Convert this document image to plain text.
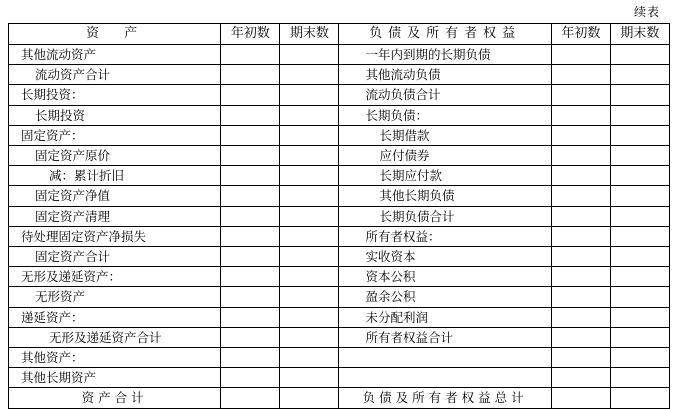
续表
资　产	年初数	期末数	负债及所有者权益	年初数	期末数

其他流动资产			一年内到期的长期负债		

流动资产合计			其他流动负债		

长期投资：			流动负债合计		

长期投资			长期负债：		

固定资产：			长期借款		

固定资产原价			应付债券		

减：累计折旧			长期应付款		

固定资产净值			其他长期负债		

固定资产清理			长期负债合计		

待处理固定资产净损失			所有者权益：		

固定资产合计			实收资本		

无形及递延资产：			资本公积		

无形资产			盈余公积		

递延资产：			未分配利润		

无形及递延资产合计			所有者权益合计		

其他资产：					

其他长期资产					

资产合计			负债及所有者权益总计		
